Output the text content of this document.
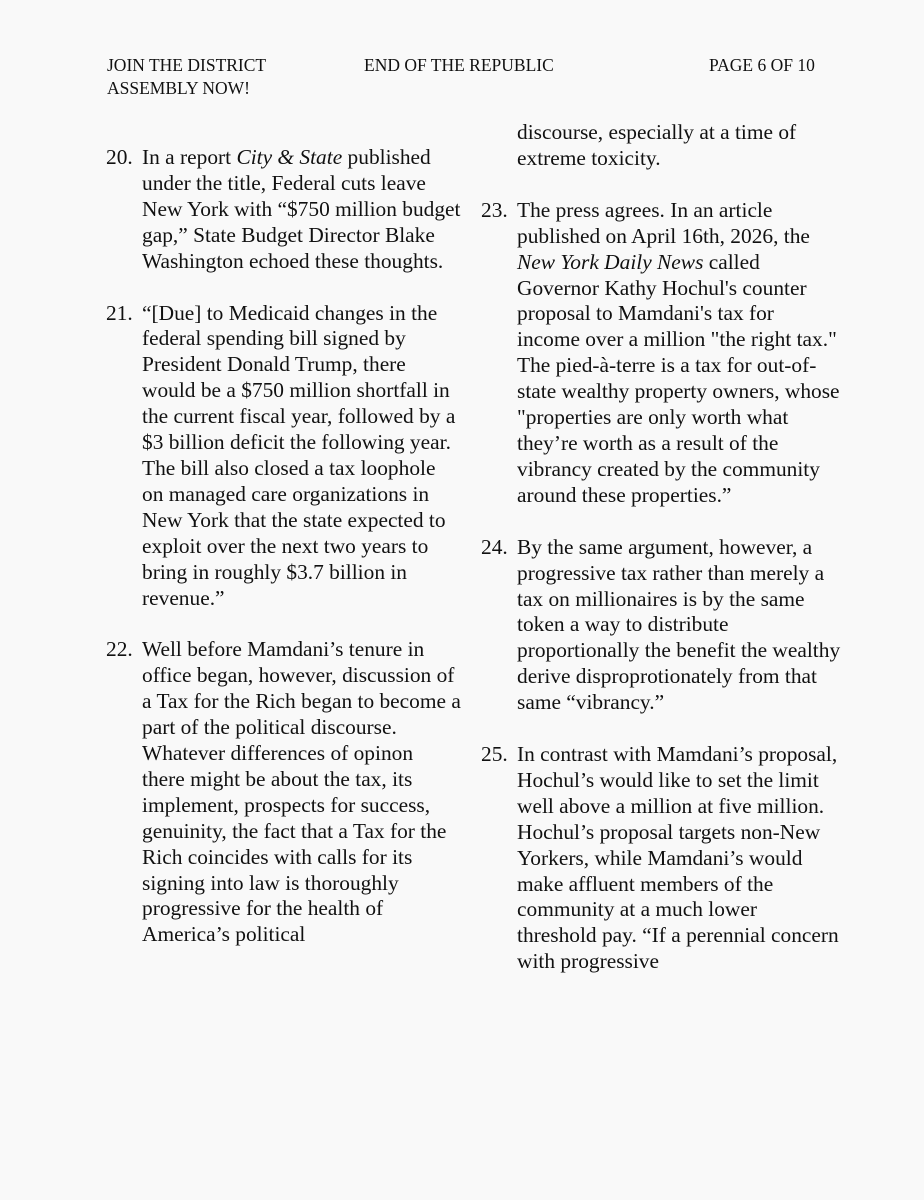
JOIN THE DISTRICT ASSEMBLY NOW!
END OF THE REPUBLIC	PAGE 6 OF 10
20. In a report City & State published under the title, Federal cuts leave New York with “$750 million budget gap,” State Budget Director Blake Washington echoed these thoughts.
21. “[Due] to Medicaid changes in the federal spending bill signed by President Donald Trump, there would be a $750 million shortfall in the current fiscal year, followed by a $3 billion deficit the following year. The bill also closed a tax loophole on managed care organizations in New York that the state expected to exploit over the next two years to bring in roughly $3.7 billion in revenue.”
22. Well before Mamdani’s tenure in office began, however, discussion of a Tax for the Rich began to become a part of the political discourse. Whatever differences of opinon there might be about the tax, its implement, prospects for success, genuinity, the fact that a Tax for the Rich coincides with calls for its signing into law is thoroughly progressive for the health of America’s political
discourse, especially at a time of extreme toxicity.
23. The press agrees. In an article published on April 16th, 2026, the New York Daily News called Governor Kathy Hochul's counter proposal to Mamdani's tax for income over a million "the right tax." The pied-à-terre is a tax for out-of-state wealthy property owners, whose "properties are only worth what they’re worth as a result of the vibrancy created by the community around these properties.”
24. By the same argument, however, a progressive tax rather than merely a tax on millionaires is by the same token a way to distribute proportionally the benefit the wealthy derive disproprotionately from that same “vibrancy.”
25. In contrast with Mamdani’s proposal, Hochul’s would like to set the limit well above a million at five million. Hochul’s proposal targets non-New Yorkers, while Mamdani’s would make affluent members of the community at a much lower threshold pay. “If a perennial concern with progressive
